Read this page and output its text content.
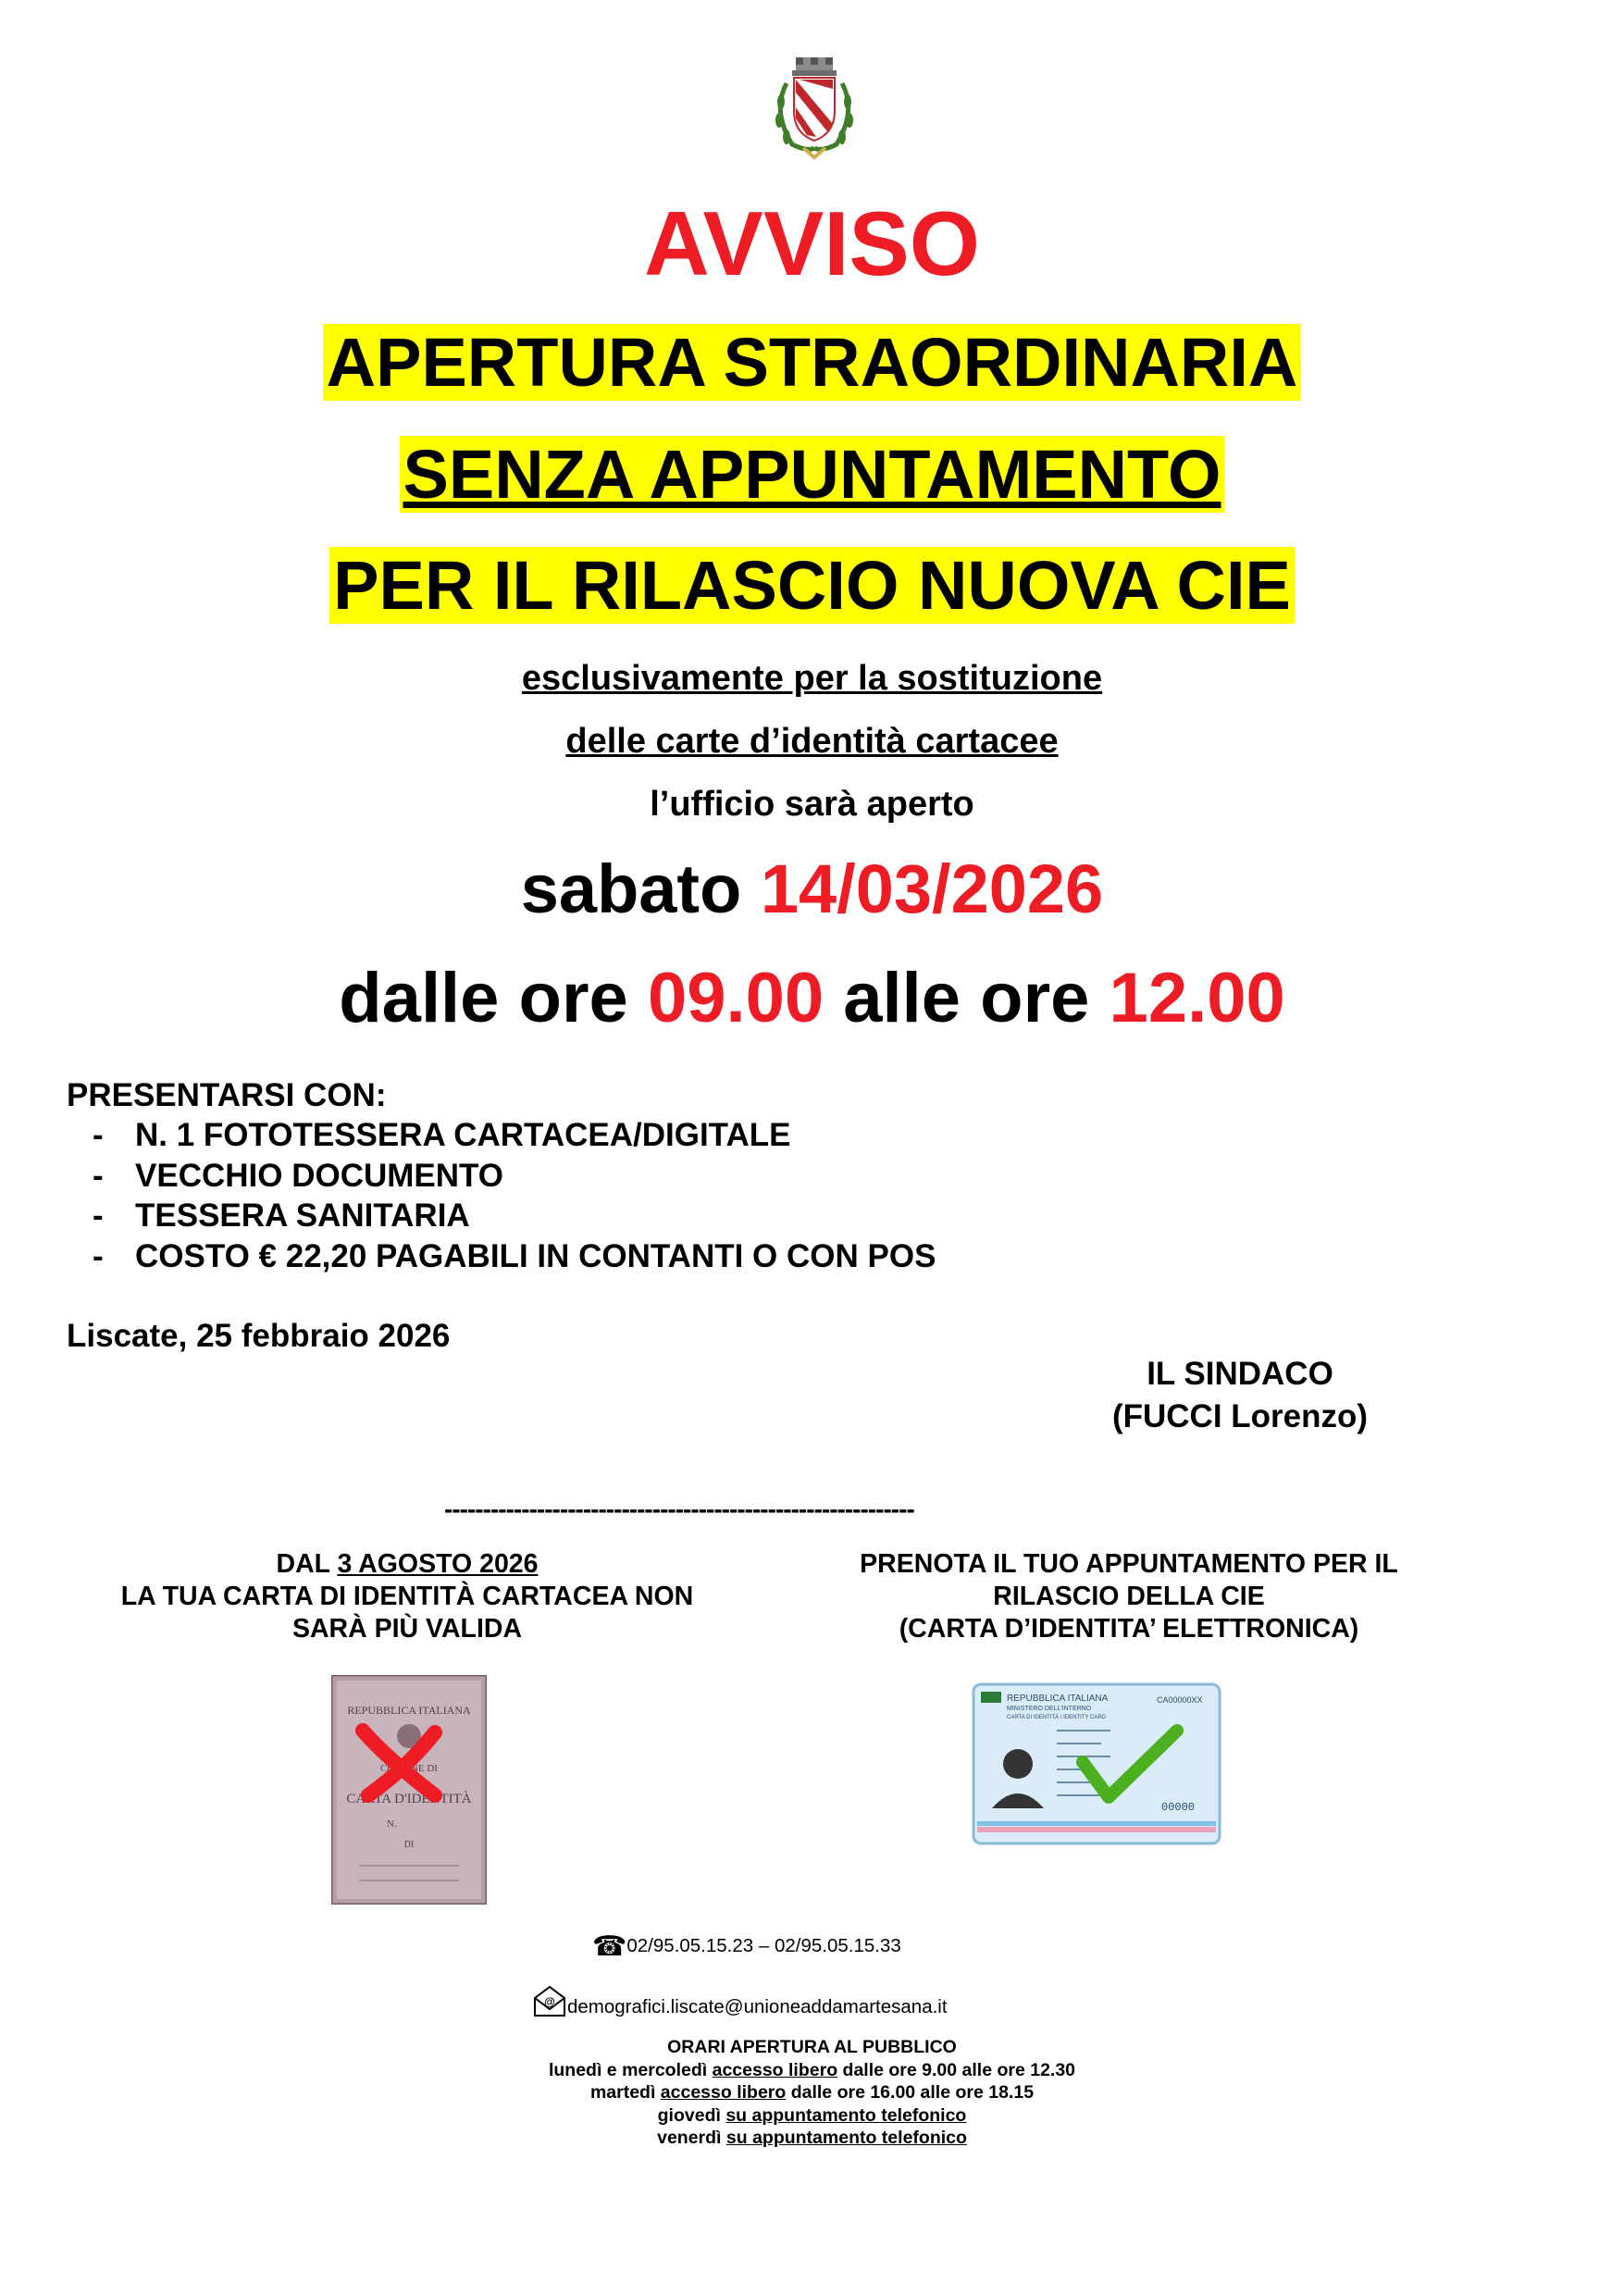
AVVISO
APERTURA STRAORDINARIA
SENZA APPUNTAMENTO
PER IL RILASCIO NUOVA CIE
esclusivamente per la sostituzione
delle carte d’identità cartacee
l’ufficio sarà aperto
sabato 14/03/2026
dalle ore 09.00 alle ore 12.00
PRESENTARSI CON:
- N. 1 FOTOTESSERA CARTACEA/DIGITALE
- VECCHIO DOCUMENTO
- TESSERA SANITARIA
- COSTO € 22,20 PAGABILI IN CONTANTI O CON POS
Liscate, 25 febbraio 2026
IL SINDACO
(FUCCI Lorenzo)
-------------------------------------------------------------
DAL 3 AGOSTO 2026
LA TUA CARTA DI IDENTITÀ CARTACEA NON SARÀ PIÙ VALIDA
PRENOTA IL TUO APPUNTAMENTO PER IL
RILASCIO DELLA CIE
(CARTA D’IDENTITA’ ELETTRONICA)
REPUBBLICA ITALIANA
COMUNE DI
CARTA D'IDENTITÀ
N.
DI
REPUBBLICA ITALIANA
MINISTERO DELL'INTERNO
CARTA DI IDENTITÀ / IDENTITY CARD
CA00000XX
00000
☎02/95.05.15.23 – 02/95.05.15.33
@ demografici.liscate@unioneaddamartesana.it
ORARI APERTURA AL PUBBLICO
lunedì e mercoledì accesso libero dalle ore 9.00 alle ore 12.30
martedì accesso libero dalle ore 16.00 alle ore 18.15
giovedì su appuntamento telefonico
venerdì su appuntamento telefonico
